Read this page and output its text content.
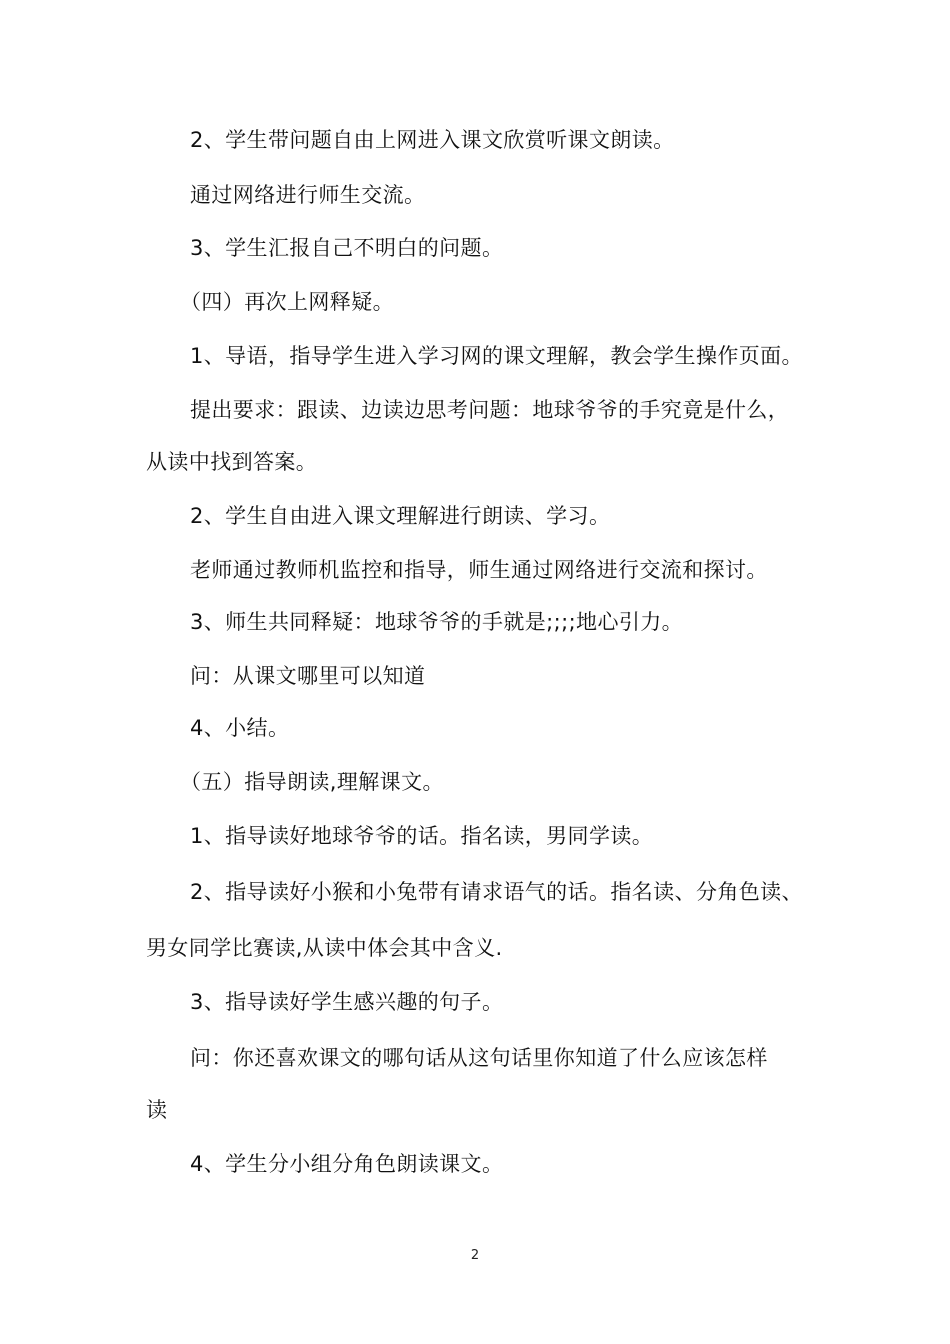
2、学生带问题自由上网进入课文欣赏听课文朗读。
通过网络进行师生交流。
3、学生汇报自己不明白的问题。
（四）再次上网释疑。
1、导语，指导学生进入学习网的课文理解，教会学生操作页面。
提出要求：跟读、边读边思考问题：地球爷爷的手究竟是什么，
从读中找到答案。
2、学生自由进入课文理解进行朗读、学习。
老师通过教师机监控和指导，师生通过网络进行交流和探讨。
3、师生共同释疑：地球爷爷的手就是;;;;地心引力。
问：从课文哪里可以知道
4、小结。
（五）指导朗读,理解课文。
1、指导读好地球爷爷的话。指名读，男同学读。
2、指导读好小猴和小兔带有请求语气的话。指名读、分角色读、
男女同学比赛读,从读中体会其中含义.
3、指导读好学生感兴趣的句子。
问：你还喜欢课文的哪句话从这句话里你知道了什么应该怎样
读
4、学生分小组分角色朗读课文。
2
